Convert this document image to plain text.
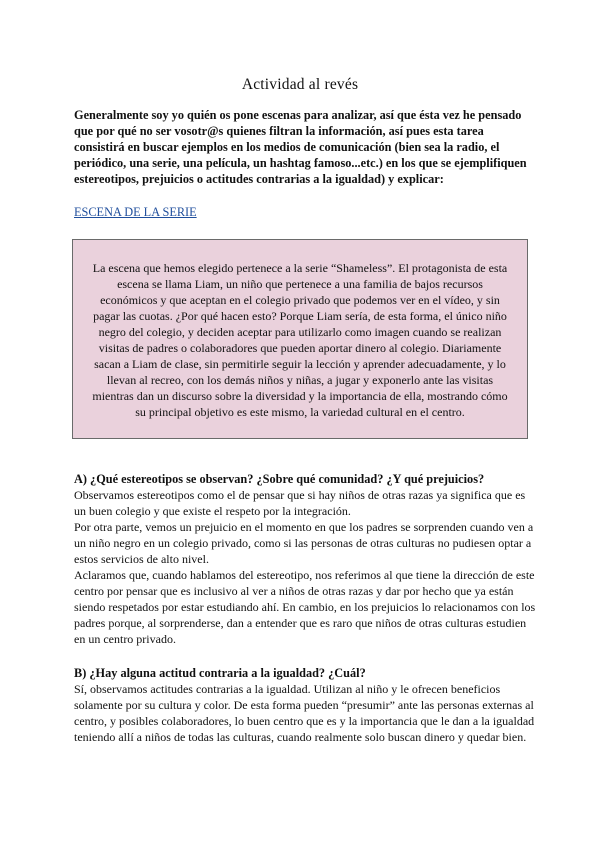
Actividad al revés
Generalmente soy yo quién os pone escenas para analizar, así que ésta vez he pensado que por qué no ser vosotr@s quienes filtran la información, así pues esta tarea consistirá en buscar ejemplos en los medios de comunicación (bien sea la radio, el periódico, una serie, una película, un hashtag famoso...etc.) en los que se ejemplifiquen estereotipos, prejuicios o actitudes contrarias a la igualdad) y explicar:
ESCENA DE LA SERIE
La escena que hemos elegido pertenece a la serie “Shameless”. El protagonista de esta escena se llama Liam, un niño que pertenece a una familia de bajos recursos económicos y que aceptan en el colegio privado que podemos ver en el vídeo, y sin pagar las cuotas. ¿Por qué hacen esto? Porque Liam sería, de esta forma, el único niño negro del colegio, y deciden aceptar para utilizarlo como imagen cuando se realizan visitas de padres o colaboradores que pueden aportar dinero al colegio. Diariamente sacan a Liam de clase, sin permitirle seguir la lección y aprender adecuadamente, y lo llevan al recreo, con los demás niños y niñas, a jugar y exponerlo ante las visitas mientras dan un discurso sobre la diversidad y la importancia de ella, mostrando cómo su principal objetivo es este mismo, la variedad cultural en el centro.
A) ¿Qué estereotipos se observan? ¿Sobre qué comunidad? ¿Y qué prejuicios?

Observamos estereotipos como el de pensar que si hay niños de otras razas ya significa que es un buen colegio y que existe el respeto por la integración.

Por otra parte, vemos un prejuicio en el momento en que los padres se sorprenden cuando ven a un niño negro en un colegio privado, como si las personas de otras culturas no pudiesen optar a estos servicios de alto nivel.

Aclaramos que, cuando hablamos del estereotipo, nos referimos al que tiene la dirección de este centro por pensar que es inclusivo al ver a niños de otras razas y dar por hecho que ya están siendo respetados por estar estudiando ahí. En cambio, en los prejuicios lo relacionamos con los padres porque, al sorprenderse, dan a entender que es raro que niños de otras culturas estudien en un centro privado.

B) ¿Hay alguna actitud contraria a la igualdad? ¿Cuál?

Sí, observamos actitudes contrarias a la igualdad. Utilizan al niño y le ofrecen beneficios solamente por su cultura y color. De esta forma pueden “presumir” ante las personas externas al centro, y posibles colaboradores, lo buen centro que es y la importancia que le dan a la igualdad teniendo allí a niños de todas las culturas, cuando realmente solo buscan dinero y quedar bien.
